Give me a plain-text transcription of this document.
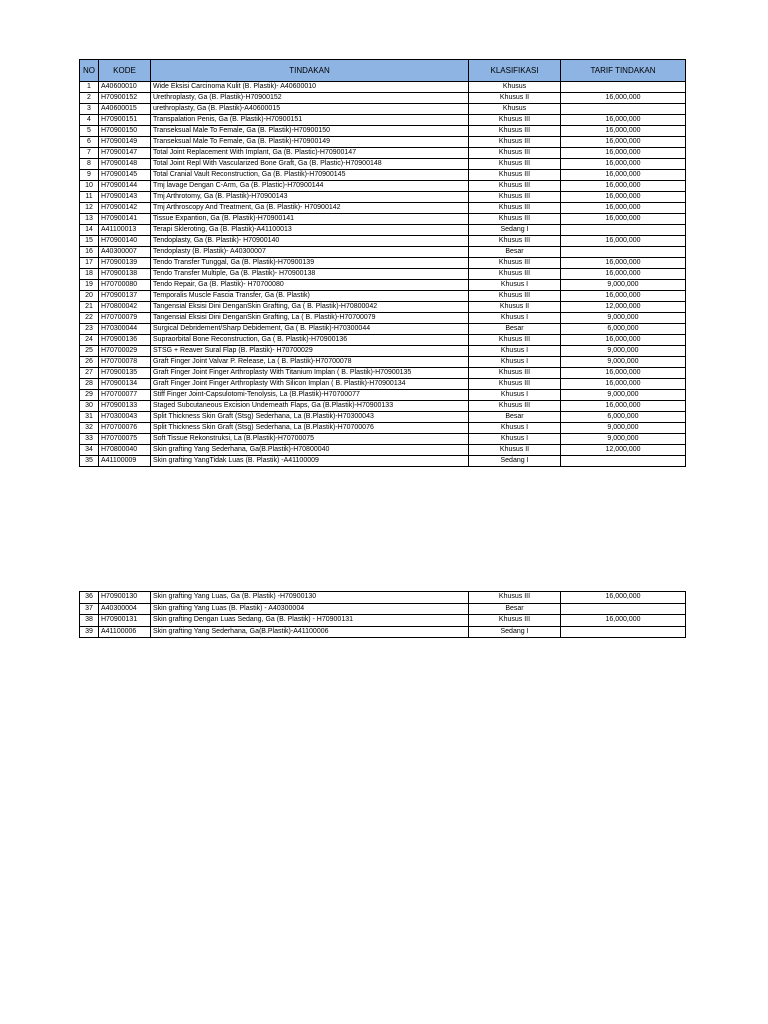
NO	KODE	TINDAKAN	KLASIFIKASI	TARIF TINDAKAN
1	A40600010	Wide Eksisi Carcinoma Kulit (B. Plastik)- A40600010	Khusus	
2	H70900152	Urethroplasty, Ga (B. Plastik)-H70900152	Khusus II	16,000,000
3	A40600015	urethroplasty, Ga (B. Plastik)-A40600015	Khusus	
4	H70900151	Transpalation Penis, Ga (B. Plastik)-H70900151	Khusus III	16,000,000
5	H70900150	Transeksual Male To Female, Ga (B. Plastik)-H70900150	Khusus III	16,000,000
6	H70900149	Transeksual Male To Female, Ga (B. Plastik)-H70900149	Khusus III	16,000,000
7	H70900147	Total Joint Replacement With Implant, Ga (B. Plastic)-H70900147	Khusus III	16,000,000
8	H70900148	Total Joint Repl With Vascularized Bone Graft, Ga (B. Plastic)-H70900148	Khusus III	16,000,000
9	H70900145	Total Cranial Vault Reconstruction, Ga (B. Plastik)-H70900145	Khusus III	16,000,000
10	H70900144	Tmj lavage Dengan C-Arm, Ga (B. Plastic)-H70900144	Khusus III	16,000,000
11	H70900143	Tmj Arthrotomy, Ga (B. Plastik)-H70900143	Khusus III	16,000,000
12	H70900142	Tmj Arthroscopy And Treatment, Ga (B. Plastik)- H70900142	Khusus III	16,000,000
13	H70900141	Tissue Expantion, Ga (B. Plastik)-H70900141	Khusus III	16,000,000
14	A41100013	Terapi Skleroting, Ga (B. Plastik)-A41100013	Sedang I	
15	H70900140	Tendoplasty, Ga (B. Plastik)- H70900140	Khusus III	16,000,000
16	A40300007	Tendoplasty (B. Plastik)- A40300007	Besar	
17	H70900139	Tendo Transfer Tunggal, Ga (B. Plastik)-H70900139	Khusus III	16,000,000
18	H70900138	Tendo Transfer Multiple, Ga (B. Plastik)- H70900138	Khusus III	16,000,000
19	H70700080	Tendo Repair, Ga (B. Plastik)- H70700080	Khusus I	9,000,000
20	H70900137	Temporalis Muscle Fascia Transfer, Ga (B. Plastik)	Khusus III	16,000,000
21	H70800042	Tangensial Eksisi Dini DenganSkin Grafting, Ga ( B. Plastik)-H70800042	Khusus II	12,000,000
22	H70700079	Tangensial Eksisi Dini DenganSkin Grafting, La ( B. Plastik)-H70700079	Khusus I	9,000,000
23	H70300044	Surgical Debridement/Sharp Debidement, Ga ( B. Plastik)-H70300044	Besar	6,000,000
24	H70900136	Supraorbital Bone Reconstruction, Ga ( B. Plastik)-H70900136	Khusus III	16,000,000
25	H70700029	STSG + Reaver Sural Flap (B. Plastik)- H70700029	Khusus I	9,000,000
26	H70700078	Graft Finger Joint Valvar P. Release, La ( B. Plastik)-H70700078	Khusus I	9,000,000
27	H70900135	Graft Finger Joint Finger Arthroplasty With Titanium Implan ( B. Plastik)-H70900135	Khusus III	16,000,000
28	H70900134	Graft Finger Joint Finger Arthroplasty With Silicon Implan ( B. Plastik)-H70900134	Khusus III	16,000,000
29	H70700077	Stiff Finger Joint-Capsulotomi-Tenolysis, La (B.Plastik)-H70700077	Khusus I	9,000,000
30	H70900133	Staged Subcutaneous Excision Underneath Flaps, Ga (B.Plastik)-H70900133	Khusus III	16,000,000
31	H70300043	Split Thickness Skin Graft (Stsg) Sederhana, La (B.Plastik)-H70300043	Besar	6,000,000
32	H70700076	Split Thickness Skin Graft (Stsg) Sederhana, La (B.Plastik)-H70700076	Khusus I	9,000,000
33	H70700075	Soft Tissue Rekonstruksi, La (B.Plastik)-H70700075	Khusus I	9,000,000
34	H70800040	Skin grafting Yang Sederhana, Ga(B.Plastik)-H70800040	Khusus II	12,000,000
35	A41100009	Skin grafting YangTidak Luas (B. Plastik) -A41100009	Sedang I	
36	H70900130	Skin grafting Yang Luas, Ga (B. Plastik) -H70900130	Khusus III	16,000,000
37	A40300004	Skin grafting Yang Luas (B. Plastik) - A40300004	Besar	
38	H70900131	Skin grafting Dengan Luas Sedang, Ga (B. Plastik) - H70900131	Khusus III	16,000,000
39	A41100006	Skin grafting Yang Sederhana, Ga(B.Plastik)-A41100006	Sedang I	
